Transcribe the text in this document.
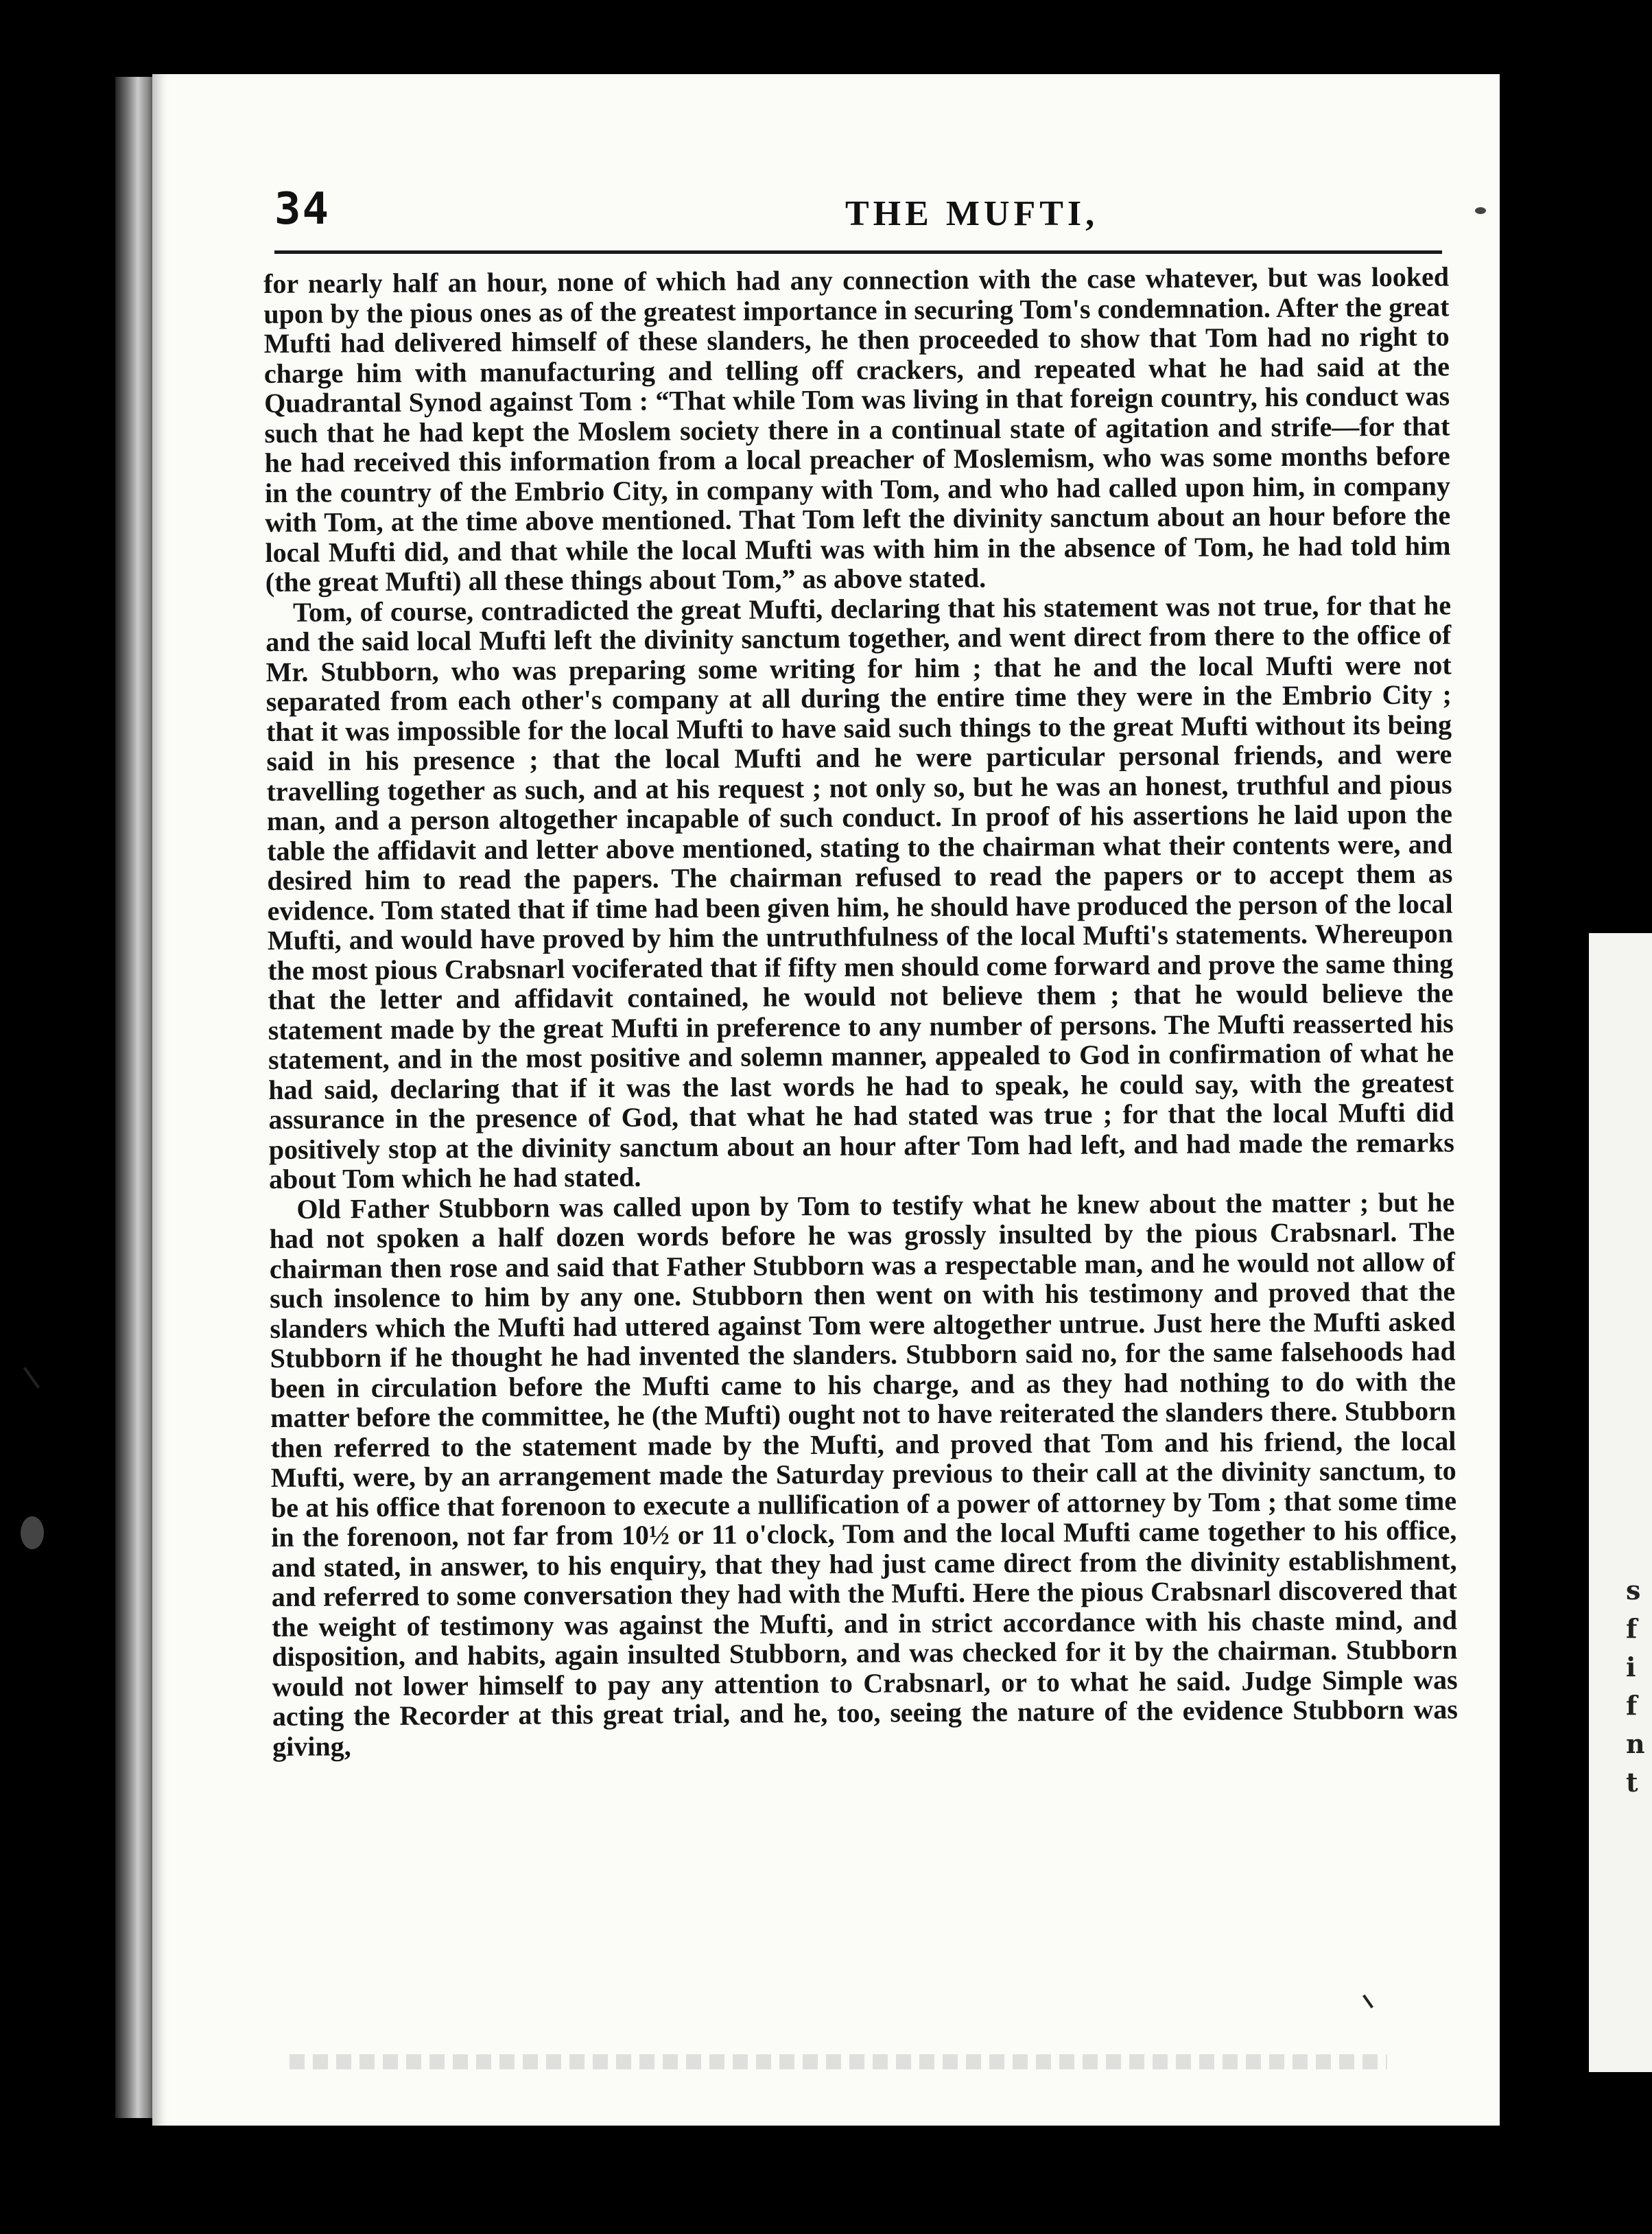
34	THE MUFTI,

for nearly half an hour, none of which had any connection with the case whatever, but was looked upon by the pious ones as of the greatest importance in securing Tom's condemnation. After the great Mufti had delivered himself of these slanders, he then proceeded to show that Tom had no right to charge him with manufacturing and telling off crackers, and repeated what he had said at the Quadrantal Synod against Tom : “That while Tom was living in that foreign country, his conduct was such that he had kept the Moslem society there in a continual state of agitation and strife—for that he had received this information from a local preacher of Moslemism, who was some months before in the country of the Embrio City, in company with Tom, and who had called upon him, in company with Tom, at the time above mentioned. That Tom left the divinity sanctum about an hour before the local Mufti did, and that while the local Mufti was with him in the absence of Tom, he had told him (the great Mufti) all these things about Tom,” as above stated.

Tom, of course, contradicted the great Mufti, declaring that his statement was not true, for that he and the said local Mufti left the divinity sanctum together, and went direct from there to the office of Mr. Stubborn, who was preparing some writing for him ; that he and the local Mufti were not separated from each other's company at all during the entire time they were in the Embrio City ; that it was impossible for the local Mufti to have said such things to the great Mufti without its being said in his presence ; that the local Mufti and he were particular personal friends, and were travelling together as such, and at his request ; not only so, but he was an honest, truthful and pious man, and a person altogether incapable of such conduct. In proof of his assertions he laid upon the table the affidavit and letter above mentioned, stating to the chairman what their contents were, and desired him to read the papers. The chairman refused to read the papers or to accept them as evidence. Tom stated that if time had been given him, he should have produced the person of the local Mufti, and would have proved by him the untruthfulness of the local Mufti's statements. Whereupon the most pious Crabsnarl vociferated that if fifty men should come forward and prove the same thing that the letter and affidavit contained, he would not believe them ; that he would believe the statement made by the great Mufti in preference to any number of persons. The Mufti reasserted his statement, and in the most positive and solemn manner, appealed to God in confirmation of what he had said, declaring that if it was the last words he had to speak, he could say, with the greatest assurance in the presence of God, that what he had stated was true ; for that the local Mufti did positively stop at the divinity sanctum about an hour after Tom had left, and had made the remarks about Tom which he had stated.

Old Father Stubborn was called upon by Tom to testify what he knew about the matter ; but he had not spoken a half dozen words before he was grossly insulted by the pious Crabsnarl. The chairman then rose and said that Father Stubborn was a respectable man, and he would not allow of such insolence to him by any one. Stubborn then went on with his testimony and proved that the slanders which the Mufti had uttered against Tom were altogether untrue. Just here the Mufti asked Stubborn if he thought he had invented the slanders. Stubborn said no, for the same falsehoods had been in circulation before the Mufti came to his charge, and as they had nothing to do with the matter before the committee, he (the Mufti) ought not to have reiterated the slanders there. Stubborn then referred to the statement made by the Mufti, and proved that Tom and his friend, the local Mufti, were, by an arrangement made the Saturday previous to their call at the divinity sanctum, to be at his office that forenoon to execute a nullification of a power of attorney by Tom ; that some time in the forenoon, not far from 10½ or 11 o'clock, Tom and the local Mufti came together to his office, and stated, in answer, to his enquiry, that they had just came direct from the divinity establishment, and referred to some conversation they had with the Mufti. Here the pious Crabsnarl discovered that the weight of testimony was against the Mufti, and in strict accordance with his chaste mind, and disposition, and habits, again insulted Stubborn, and was checked for it by the chairman. Stubborn would not lower himself to pay any attention to Crabsnarl, or to what he said. Judge Simple was acting the Recorder at this great trial, and he, too, seeing the nature of the evidence Stubborn was giving,

s
f
i
f
n
t
